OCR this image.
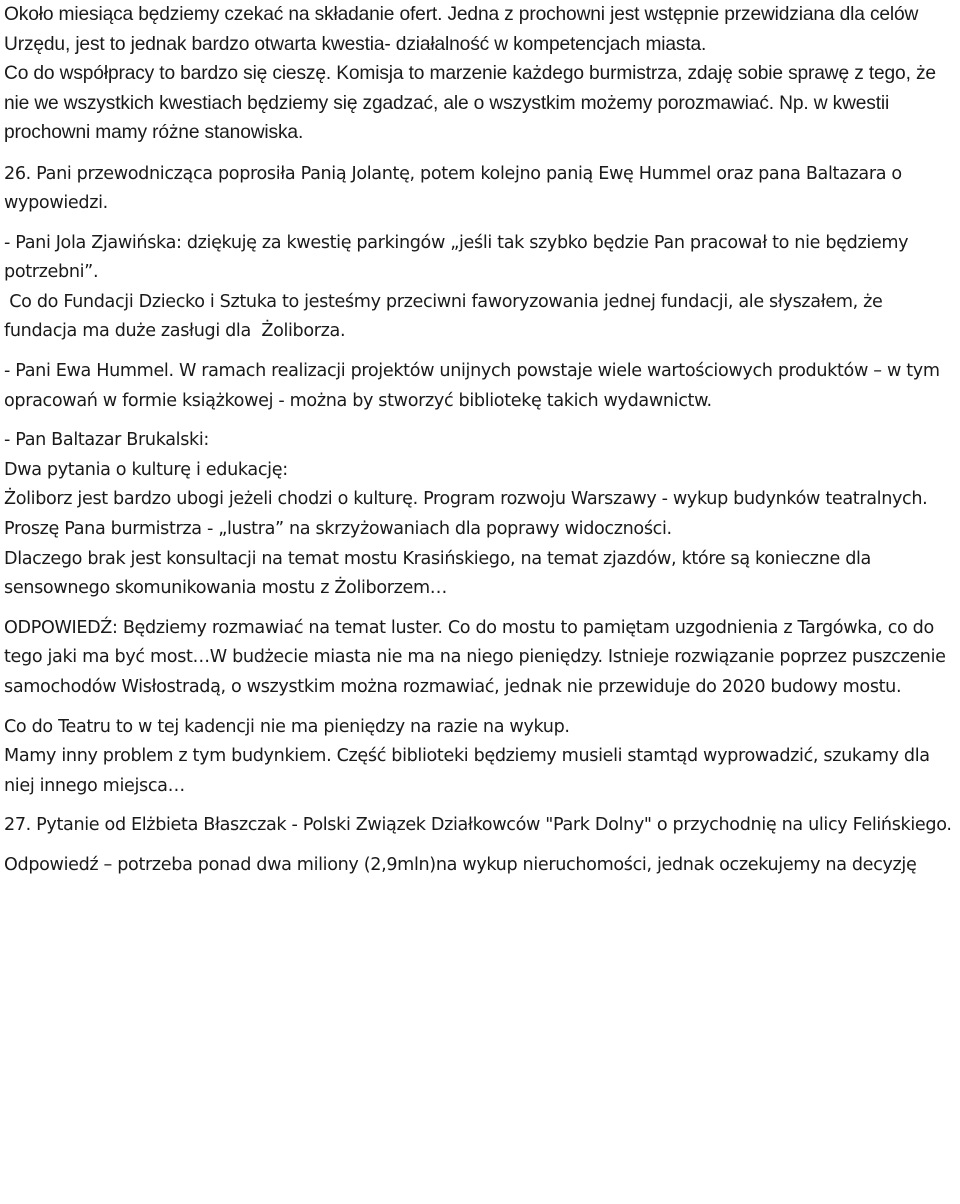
Około miesiąca będziemy czekać na składanie ofert. Jedna z prochowni jest wstępnie przewidziana dla celów Urzędu, jest to jednak bardzo otwarta kwestia- działalność w kompetencjach miasta.

Co do współpracy to bardzo się cieszę. Komisja to marzenie każdego burmistrza, zdaję sobie sprawę z tego, że nie we wszystkich kwestiach będziemy się zgadzać, ale o wszystkim możemy porozmawiać. Np. w kwestii prochowni mamy różne stanowiska.

26. Pani przewodnicząca poprosiła Panią Jolantę, potem kolejno panią Ewę Hummel oraz pana Baltazara o wypowiedzi.

- Pani Jola Zjawińska: dziękuję za kwestię parkingów „jeśli tak szybko będzie Pan pracował to nie będziemy potrzebni”.

Co do Fundacji Dziecko i Sztuka to jesteśmy przeciwni faworyzowania jednej fundacji, ale słyszałem, że fundacja ma duże zasługi dla  Żoliborza.

- Pani Ewa Hummel. W ramach realizacji projektów unijnych powstaje wiele wartościowych produktów – w tym opracowań w formie książkowej - można by stworzyć bibliotekę takich wydawnictw.

- Pan Baltazar Brukalski:

Dwa pytania o kulturę i edukację:

Żoliborz jest bardzo ubogi jeżeli chodzi o kulturę. Program rozwoju Warszawy - wykup budynków teatralnych.

Proszę Pana burmistrza - „lustra” na skrzyżowaniach dla poprawy widoczności.

Dlaczego brak jest konsultacji na temat mostu Krasińskiego, na temat zjazdów, które są konieczne dla sensownego skomunikowania mostu z Żoliborzem…

ODPOWIEDŹ: Będziemy rozmawiać na temat luster. Co do mostu to pamiętam uzgodnienia z Targówka, co do tego jaki ma być most…W budżecie miasta nie ma na niego pieniędzy. Istnieje rozwiązanie poprzez puszczenie samochodów Wisłostradą, o wszystkim można rozmawiać, jednak nie przewiduje do 2020 budowy mostu.

Co do Teatru to w tej kadencji nie ma pieniędzy na razie na wykup.

Mamy inny problem z tym budynkiem. Część biblioteki będziemy musieli stamtąd wyprowadzić, szukamy dla niej innego miejsca…

27. Pytanie od Elżbieta Błaszczak - Polski Związek Działkowców "Park Dolny" o przychodnię na ulicy Felińskiego.

Odpowiedź – potrzeba ponad dwa miliony (2,9mln)na wykup nieruchomości, jednak oczekujemy na decyzję
